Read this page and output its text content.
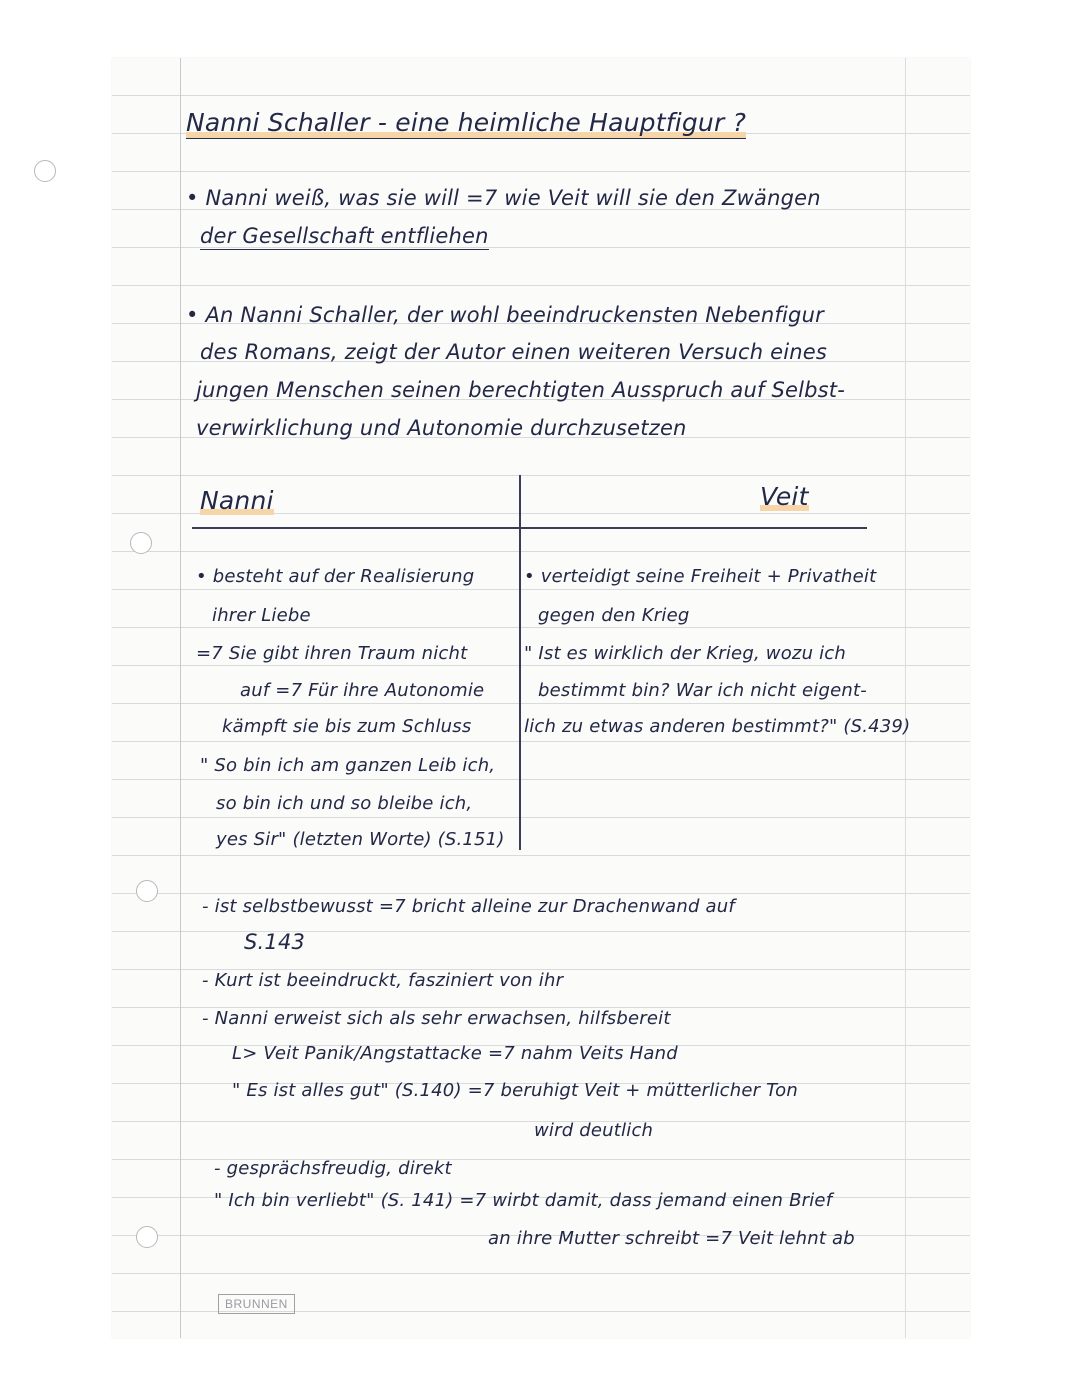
Nanni Schaller - eine heimliche Hauptfigur ?
• Nanni weiß, was sie will =7 wie Veit will sie den Zwängen
der Gesellschaft entfliehen
• An Nanni Schaller, der wohl beeindruckensten Nebenfigur
des Romans, zeigt der Autor einen weiteren Versuch eines
jungen Menschen seinen berechtigten Ausspruch auf Selbst-
verwirklichung und Autonomie durchzusetzen
Nanni	Veit
• besteht auf der Realisierung
ihrer Liebe
=7 Sie gibt ihren Traum nicht
auf =7 Für ihre Autonomie
kämpft sie bis zum Schluss
" So bin ich am ganzen Leib ich,
so bin ich und so bleibe ich,
yes Sir" (letzten Worte) (S.151)
• verteidigt seine Freiheit + Privatheit
gegen den Krieg
" Ist es wirklich der Krieg, wozu ich
bestimmt bin? War ich nicht eigent-
lich zu etwas anderen bestimmt?" (S.439)
- ist selbstbewusst =7 bricht alleine zur Drachenwand auf
S.143
- Kurt ist beeindruckt, fasziniert von ihr
- Nanni erweist sich als sehr erwachsen, hilfsbereit
L> Veit Panik/Angstattacke =7 nahm Veits Hand
" Es ist alles gut" (S.140) =7 beruhigt Veit + mütterlicher Ton
wird deutlich
- gesprächsfreudig, direkt
" Ich bin verliebt" (S. 141) =7 wirbt damit, dass jemand einen Brief
an ihre Mutter schreibt =7 Veit lehnt ab
BRUNNEN
